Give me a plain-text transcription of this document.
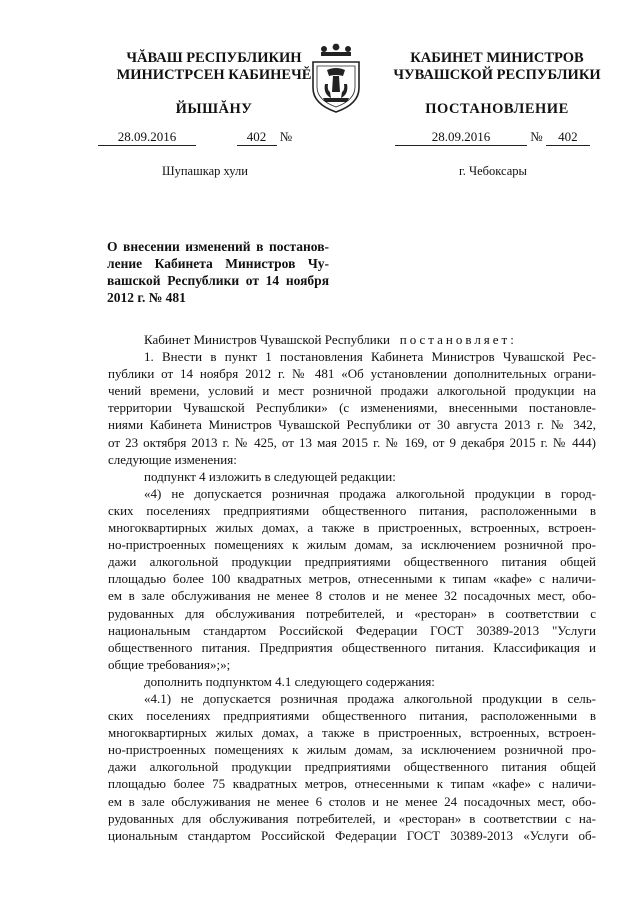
ЧĂВАШ РЕСПУБЛИКИН
МИНИСТРСЕН КАБИНЕЧĔ
ЙЫШĂНУ
КАБИНЕТ МИНИСТРОВ
ЧУВАШСКОЙ РЕСПУБЛИКИ
ПОСТАНОВЛЕНИЕ
28.09.2016	402 №
Шупашкар хули
28.09.2016	№ 402
г. Чебоксары
О внесении изменений в постанов-
ление Кабинета Министров Чу-
вашской Республики от 14 ноября
2012 г. № 481
Кабинет Министров Чувашской Республики постановляет:
1. Внести в пункт 1 постановления Кабинета Министров Чувашской Рес-
публики от 14 ноября 2012 г. № 481 «Об установлении дополнительных ограни-
чений времени, условий и мест розничной продажи алкогольной продукции на
территории Чувашской Республики» (с изменениями, внесенными постановле-
ниями Кабинета Министров Чувашской Республики от 30 августа 2013 г. № 342,
от 23 октября 2013 г. № 425, от 13 мая 2015 г. № 169, от 9 декабря 2015 г. № 444)
следующие изменения:
подпункт 4 изложить в следующей редакции:
«4) не допускается розничная продажа алкогольной продукции в город-
ских поселениях предприятиями общественного питания, расположенными в
многоквартирных жилых домах, а также в пристроенных, встроенных, встроен-
но-пристроенных помещениях к жилым домам, за исключением розничной про-
дажи алкогольной продукции предприятиями общественного питания общей
площадью более 100 квадратных метров, отнесенными к типам «кафе» с наличи-
ем в зале обслуживания не менее 8 столов и не менее 32 посадочных мест, обо-
рудованных для обслуживания потребителей, и «ресторан» в соответствии с
национальным стандартом Российской Федерации ГОСТ 30389-2013 "Услуги
общественного питания. Предприятия общественного питания. Классификация и
общие требования»;»;
дополнить подпунктом 4.1 следующего содержания:
«4.1) не допускается розничная продажа алкогольной продукции в сель-
ских поселениях предприятиями общественного питания, расположенными в
многоквартирных жилых домах, а также в пристроенных, встроенных, встроен-
но-пристроенных помещениях к жилым домам, за исключением розничной про-
дажи алкогольной продукции предприятиями общественного питания общей
площадью более 75 квадратных метров, отнесенными к типам «кафе» с наличи-
ем в зале обслуживания не менее 6 столов и не менее 24 посадочных мест, обо-
рудованных для обслуживания потребителей, и «ресторан» в соответствии с на-
циональным стандартом Российской Федерации ГОСТ 30389-2013 «Услуги об-
